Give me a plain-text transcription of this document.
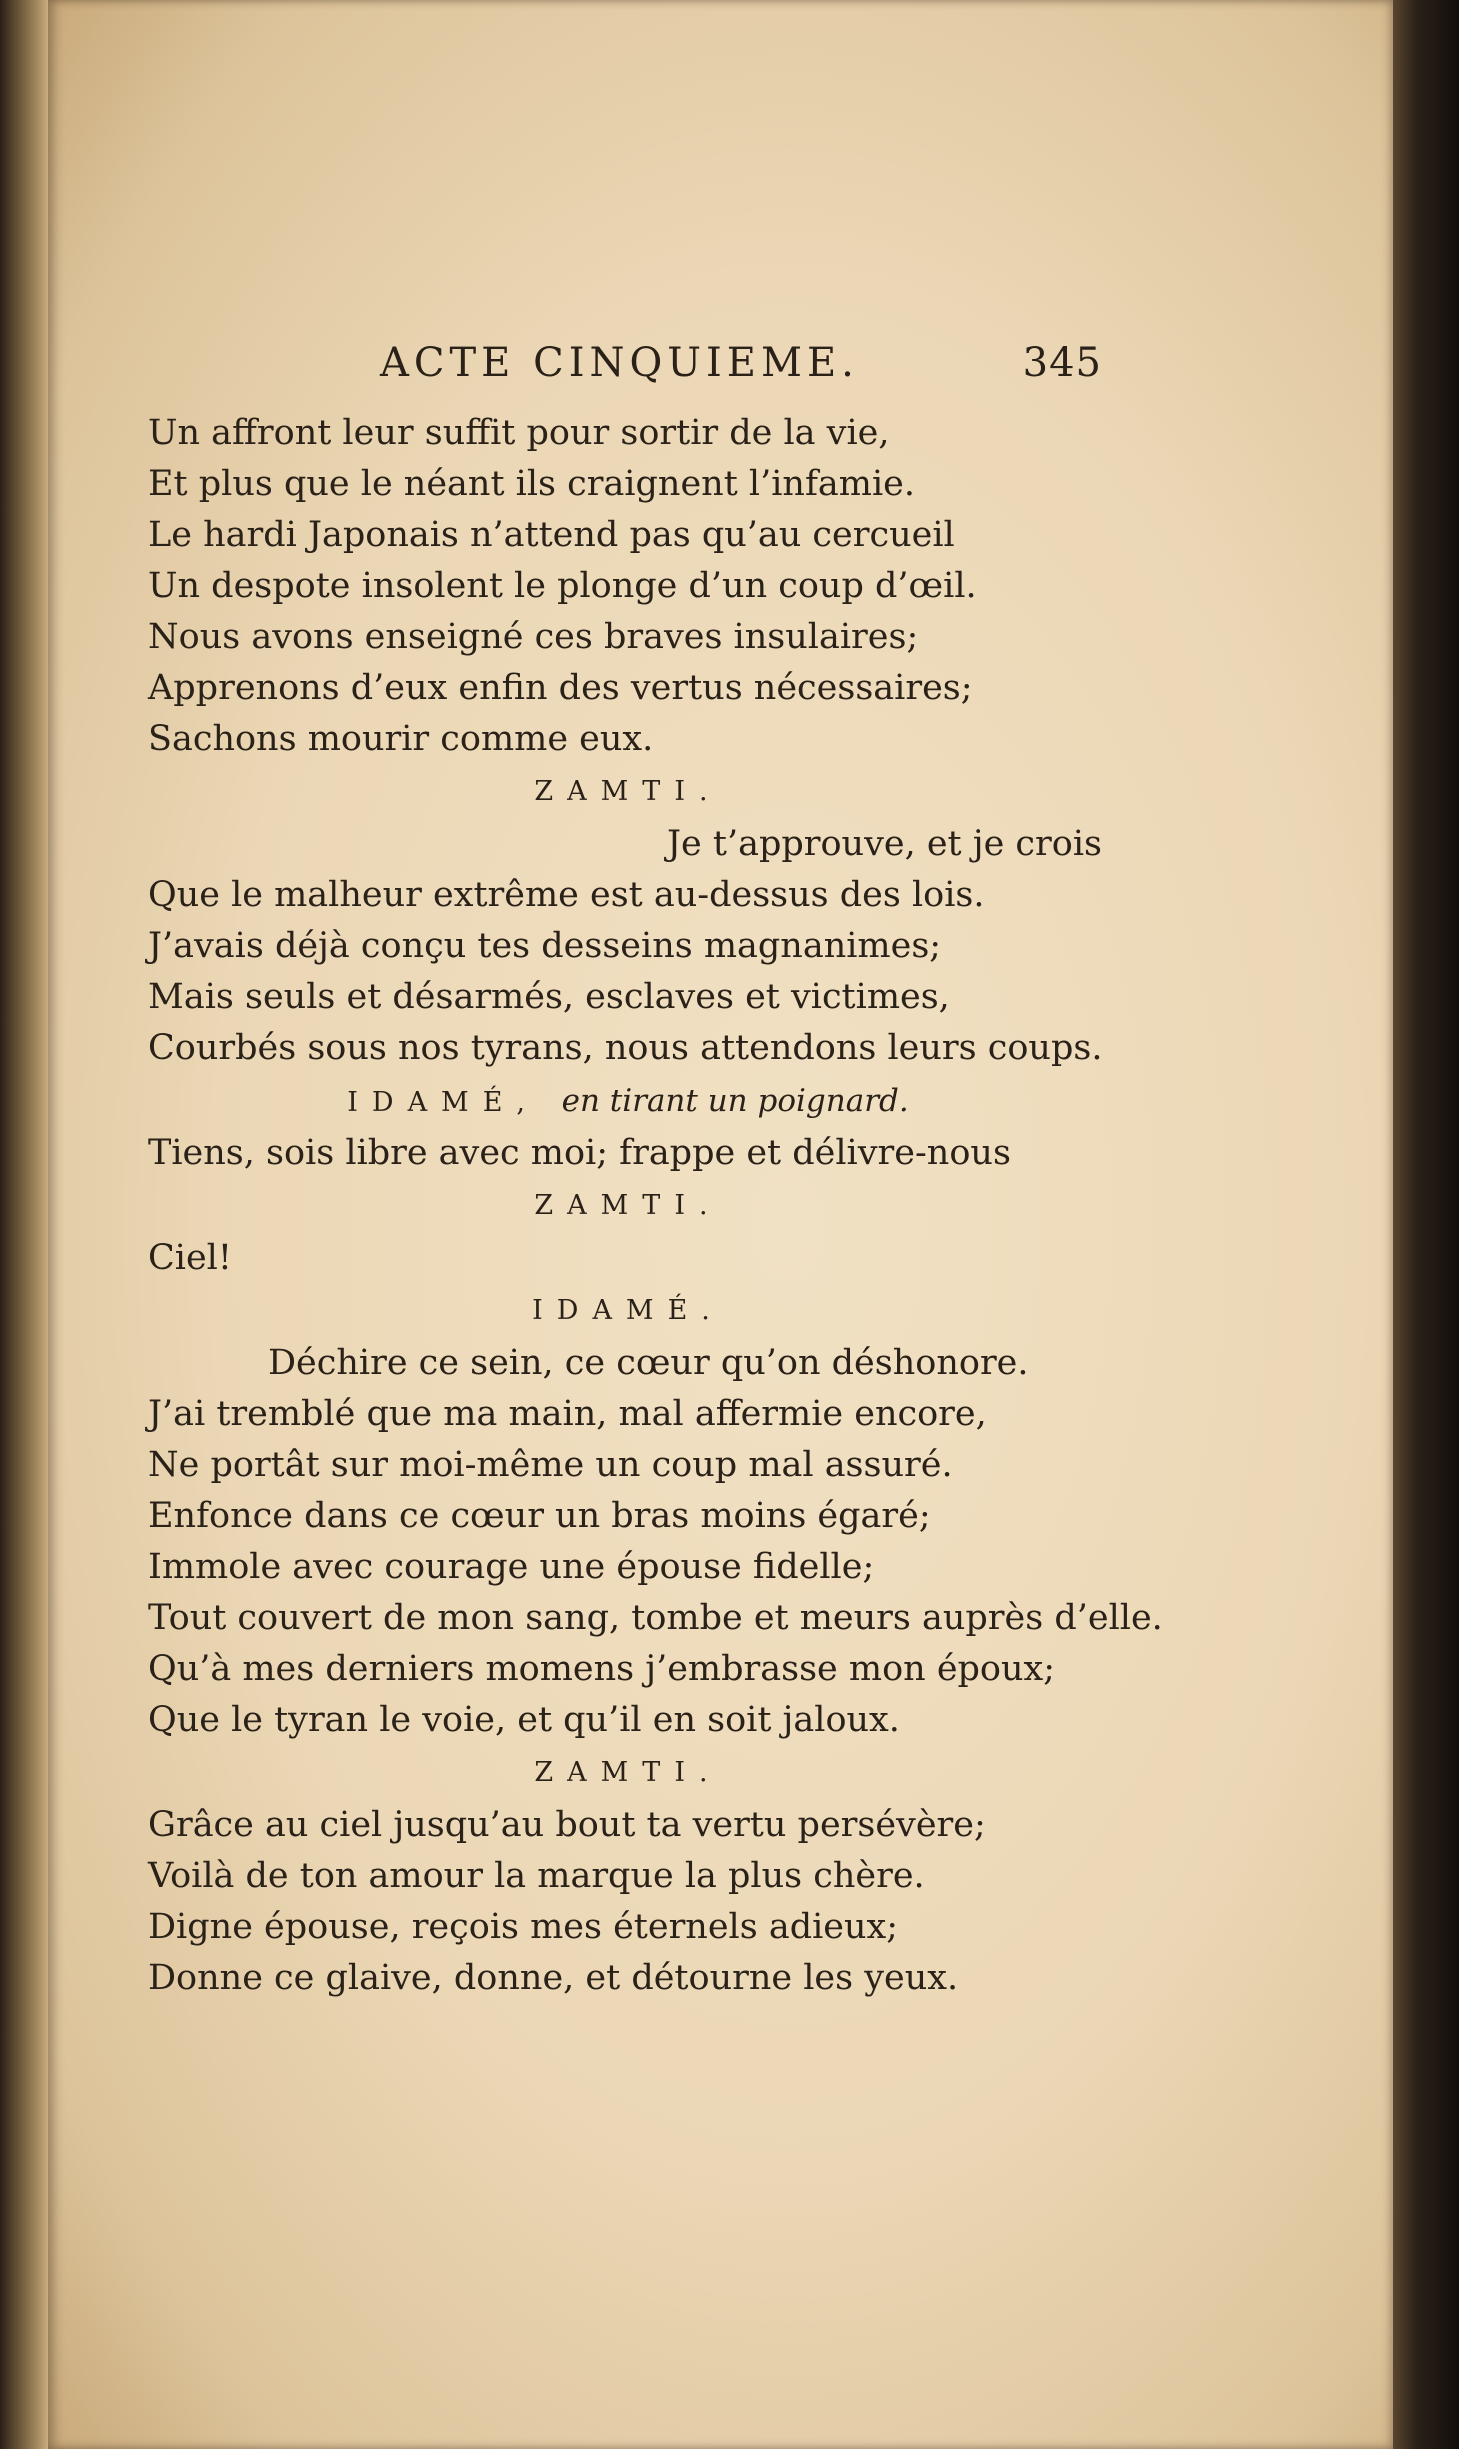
ACTE CINQUIEME.	345
Un affront leur suffit pour sortir de la vie,
Et plus que le néant ils craignent l’infamie.
Le hardi Japonais n’attend pas qu’au cercueil
Un despote insolent le plonge d’un coup d’œil.
Nous avons enseigné ces braves insulaires;
Apprenons d’eux enfin des vertus nécessaires;
Sachons mourir comme eux.
ZAMTI.
Je t’approuve, et je crois
Que le malheur extrême est au-dessus des lois.
J’avais déjà conçu tes desseins magnanimes;
Mais seuls et désarmés, esclaves et victimes,
Courbés sous nos tyrans, nous attendons leurs coups.
IDAMÉ, en tirant un poignard.
Tiens, sois libre avec moi; frappe et délivre-nous
ZAMTI.
Ciel!
IDAMÉ.
Déchire ce sein, ce cœur qu’on déshonore.
J’ai tremblé que ma main, mal affermie encore,
Ne portât sur moi-même un coup mal assuré.
Enfonce dans ce cœur un bras moins égaré;
Immole avec courage une épouse fidelle;
Tout couvert de mon sang, tombe et meurs auprès d’elle.
Qu’à mes derniers momens j’embrasse mon époux;
Que le tyran le voie, et qu’il en soit jaloux.
ZAMTI.
Grâce au ciel jusqu’au bout ta vertu persévère;
Voilà de ton amour la marque la plus chère.
Digne épouse, reçois mes éternels adieux;
Donne ce glaive, donne, et détourne les yeux.
